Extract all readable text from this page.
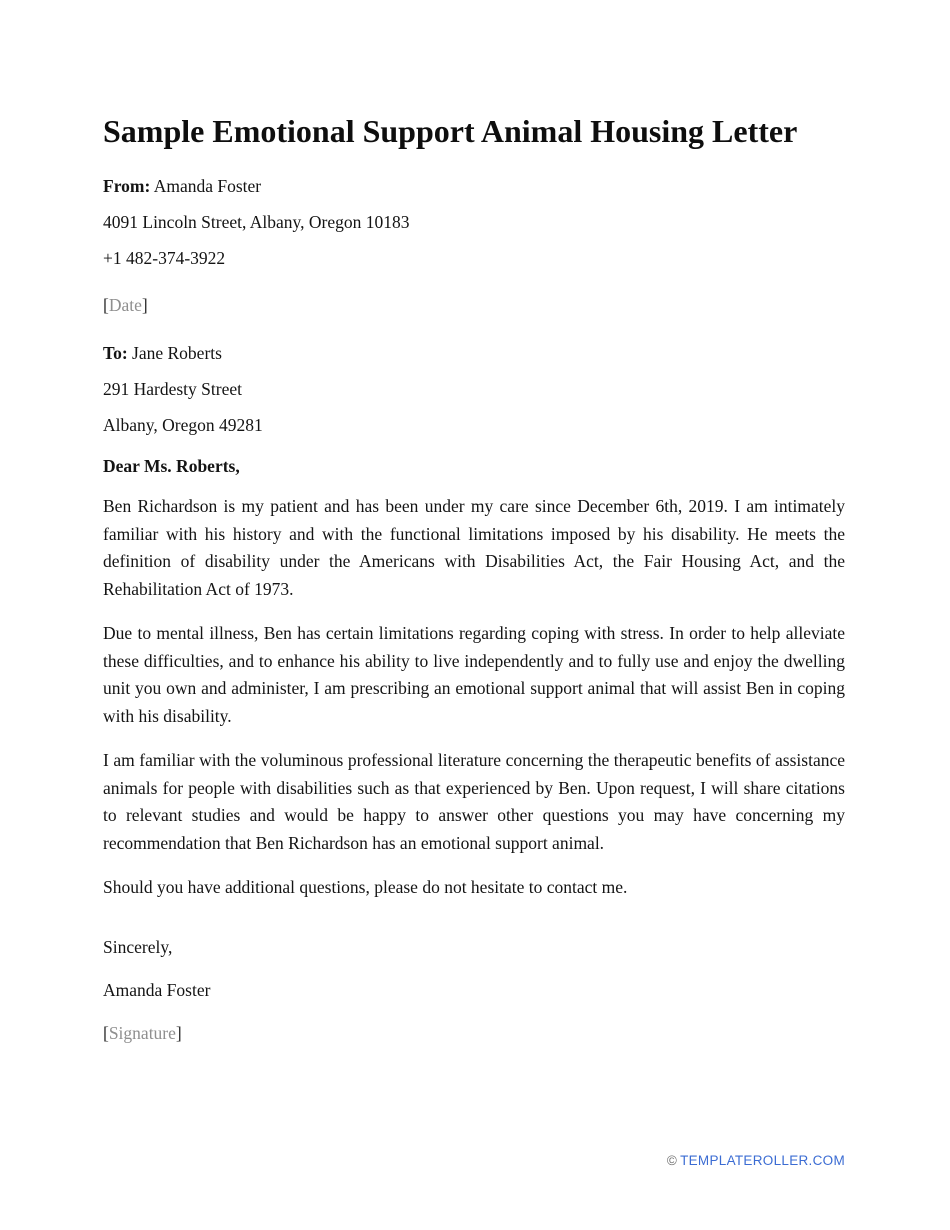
Sample Emotional Support Animal Housing Letter

From: Amanda Foster

4091 Lincoln Street, Albany, Oregon 10183

+1 482-374-3922

[Date]

To: Jane Roberts

291 Hardesty Street

Albany, Oregon 49281

Dear Ms. Roberts,

Ben Richardson is my patient and has been under my care since December 6th, 2019. I am intimately familiar with his history and with the functional limitations imposed by his disability. He meets the definition of disability under the Americans with Disabilities Act, the Fair Housing Act, and the Rehabilitation Act of 1973.

Due to mental illness, Ben has certain limitations regarding coping with stress. In order to help alleviate these difficulties, and to enhance his ability to live independently and to fully use and enjoy the dwelling unit you own and administer, I am prescribing an emotional support animal that will assist Ben in coping with his disability.

I am familiar with the voluminous professional literature concerning the therapeutic benefits of assistance animals for people with disabilities such as that experienced by Ben. Upon request, I will share citations to relevant studies and would be happy to answer other questions you may have concerning my recommendation that Ben Richardson has an emotional support animal.

Should you have additional questions, please do not hesitate to contact me.

Sincerely,

Amanda Foster

[Signature]

© TEMPLATEROLLER.COM
